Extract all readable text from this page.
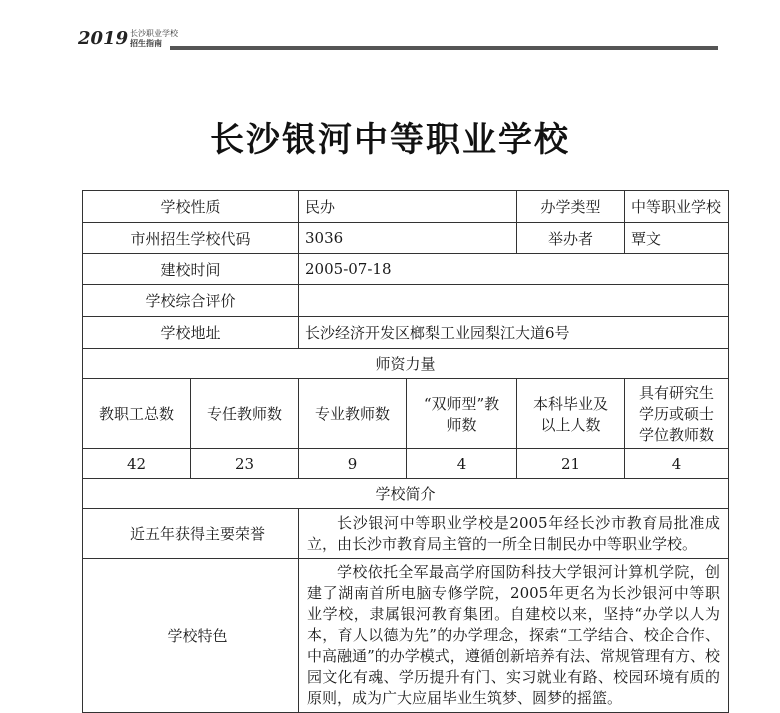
2019 长沙职业学校
招生指南
长沙银河中等职业学校
学校性质		民办		办学类型	中等职业学校
市州招生学校代码		3036		举办者	覃文
建校时间		2005-07-18			
学校综合评价					
学校地址		长沙经济开发区榔梨工业园梨江大道6号			
师资力量					
教职工总数	专任教师数	专业教师数	“双师型”教师数	本科毕业及以上人数	具有研究生学历或硕士学位教师数
42	23	9	4	21	4
学校简介					
近五年获得主要荣誉		长沙银河中等职业学校是2005年经长沙市教育局批准成立，由长沙市教育局主管的一所全日制民办中等职业学校。			
学校特色		学校依托全军最高学府国防科技大学银河计算机学院，创建了湖南首所电脑专修学院，2005年更名为长沙银河中等职业学校，隶属银河教育集团。自建校以来，坚持“办学以人为本，育人以德为先”的办学理念，探索“工学结合、校企合作、中高融通”的办学模式，遵循创新培养有法、常规管理有方、校园文化有魂、学历提升有门、实习就业有路、校园环境有质的原则，成为广大应届毕业生筑梦、圆梦的摇篮。			
